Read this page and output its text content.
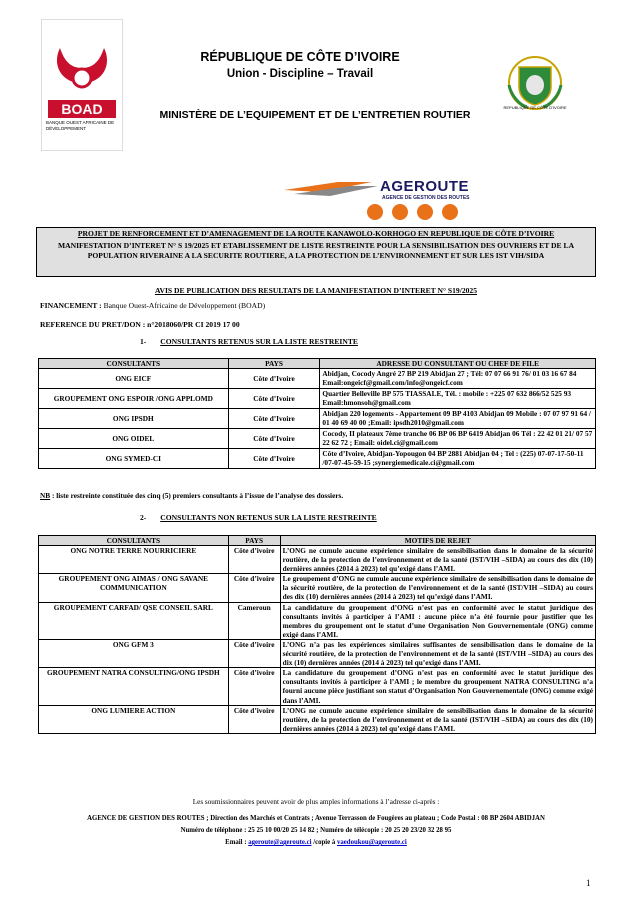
BOAD
BANQUE OUEST AFRICAINE DE DÉVELOPPEMENT
RÉPUBLIQUE DE CÔTE D’IVOIRE
Union - Discipline – Travail
MINISTÈRE DE L’EQUIPEMENT ET DE L’ENTRETIEN ROUTIER
REPUBLIQUE DE CÔTE D'IVOIRE
AGEROUTE
AGENCE DE GESTION DES ROUTES
PROJET DE RENFORCEMENT ET D’AMENAGEMENT DE LA ROUTE KANAWOLO-KORHOGO EN REPUBLIQUE DE CÔTE D’IVOIRE
MANIFESTATION D’INTERET N° S 19/2025 ET ETABLISSEMENT DE LISTE RESTREINTE POUR LA SENSIBILISATION DES OUVRIERS ET DE LA POPULATION RIVERAINE A LA SECURITE ROUTIERE, A LA PROTECTION DE L’ENVIRONNEMENT ET SUR LES IST VIH/SIDA
AVIS DE PUBLICATION DES RESULTATS DE LA MANIFESTATION D’INTERET N° S19/2025
FINANCEMENT : Banque Ouest-Africaine de Développement (BOAD)
REFERENCE DU PRET/DON : n°2018060/PR CI 2019 17 00
1- CONSULTANTS RETENUS SUR LA LISTE RESTREINTE
CONSULTANTS	PAYS	ADRESSE DU CONSULTANT OU CHEF DE FILE
ONG EICF	Côte d’Ivoire	Abidjan, Cocody Angré 27 BP 219 Abidjan 27 ; Tél: 07 07 66 91 76/ 01 03 16 67 84 Email:ongeicf@gmail.com/info@ongeicf.com
GROUPEMENT ONG ESPOIR /ONG APPLOMD	Côte d’Ivoire	Quartier Belleville BP 575 TIASSALE, Tél. : mobile : +225 07 632 866/52 525 93 Email:hmonsoh@gmail.com
ONG IPSDH	Côte d’Ivoire	Abidjan 220 logements - Appartement 09 BP 4103 Abidjan 09 Mobile : 07 07 97 91 64 / 01 40 69 40 00 ;Email: ipsdh2010@gmail.com
ONG OIDEL	Côte d’Ivoire	Cocody, II plateaux 7ème tranche 06 BP 06 BP 6419 Abidjan 06 Tél : 22 42 01 21/ 07 57 22 62 72 ; Email: oidel.ci@gmail.com
ONG SYMED-CI	Côte d’Ivoire	Côte d’Ivoire, Abidjan-Yopougon 04 BP 2881 Abidjan 04 ; Tel : (225) 07-07-17-50-11 /07-07-45-59-15 ;synergiemedicale.ci@gmail.com
NB : liste restreinte constituée des cinq (5) premiers consultants à l’issue de l’analyse des dossiers.
2- CONSULTANTS NON RETENUS SUR LA LISTE RESTREINTE
CONSULTANTS	PAYS	MOTIFS DE REJET
ONG NOTRE TERRE NOURRICIERE	Côte d’ivoire	L’ONG ne cumule aucune expérience similaire de sensibilisation dans le domaine de la sécurité routière, de la protection de l’environnement et de la santé (IST/VIH –SIDA) au cours des dix (10) dernières années (2014 à 2023) tel qu’exigé dans l’AMI.
GROUPEMENT ONG AIMAS / ONG SAVANE COMMUNICATION	Côte d’ivoire	Le groupement d’ONG ne cumule aucune expérience similaire de sensibilisation dans le domaine de la sécurité routière, de la protection de l’environnement et de la santé (IST/VIH –SIDA) au cours des dix (10) dernières années (2014 à 2023) tel qu’exigé dans l’AMI.
GROUPEMENT CARFAD/ QSE CONSEIL SARL	Cameroun	La candidature du groupement d’ONG n’est pas en conformité avec le statut juridique des consultants invités à participer à l’AMI : aucune pièce n’a été fournie pour justifier que les membres du groupement ont le statut d’une Organisation Non Gouvernementale (ONG) comme exigé dans l’AMI.
ONG GFM 3	Côte d’ivoire	L’ONG n’a pas les expériences similaires suffisantes de sensibilisation dans le domaine de la sécurité routière, de la protection de l’environnement et de la santé (IST/VIH –SIDA) au cours des dix (10) dernières années (2014 à 2023) tel qu’exigé dans l’AMI.
GROUPEMENT NATRA CONSULTING/ONG IPSDH	Côte d’ivoire	La candidature du groupement d’ONG n’est pas en conformité avec le statut juridique des consultants invités à participer à l’AMI ; le membre du groupement NATRA CONSULTING n’a fourni aucune pièce justifiant son statut d’Organisation Non Gouvernementale (ONG) comme exigé dans l’AMI.
ONG LUMIERE ACTION	Côte d’ivoire	L’ONG ne cumule aucune expérience similaire de sensibilisation dans le domaine de la sécurité routière, de la protection de l’environnement et de la santé (IST/VIH –SIDA) au cours des dix (10) dernières années (2014 à 2023) tel qu’exigé dans l’AMI.
Les soumissionnaires peuvent avoir de plus amples informations à l’adresse ci-après :
AGENCE DE GESTION DES ROUTES ; Direction des Marchés et Contrats ; Avenue Terrasson de Fougères au plateau ; Code Postal : 08 BP 2604 ABIDJAN
Numéro de téléphone : 25 25 10 00/20 25 14 82 ; Numéro de télécopie : 20 25 20 23/20 32 28 95
Email : ageroute@ageroute.ci /copie à vaedoukou@ageroute.ci
1
